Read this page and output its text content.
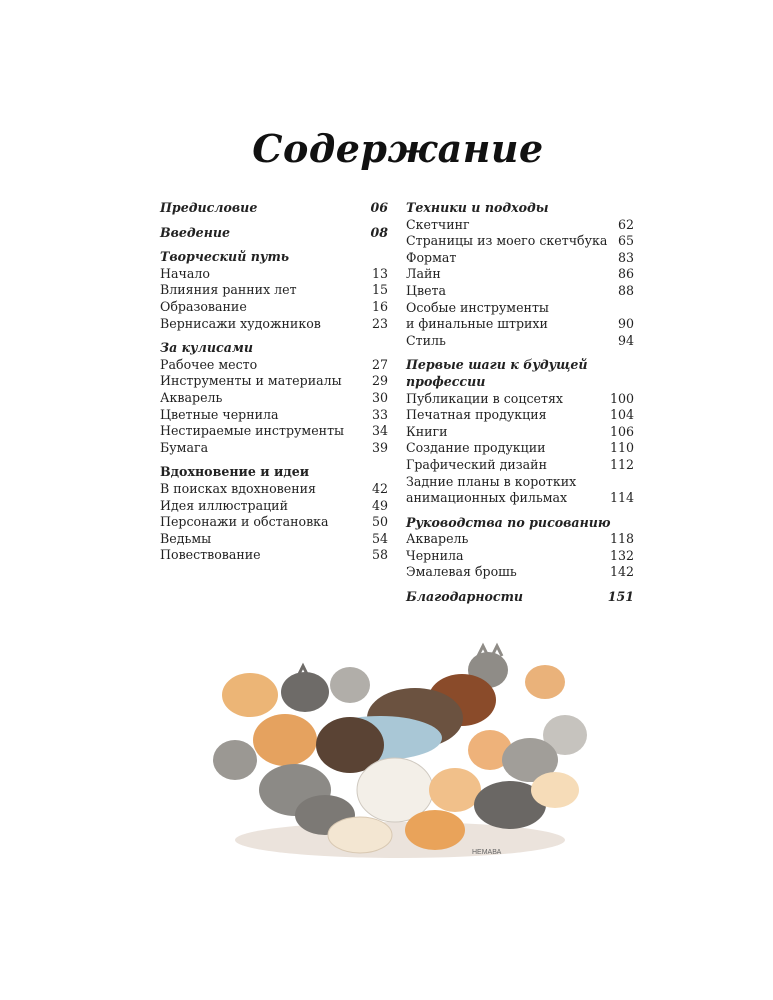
Содержание
Предисловие	06
Введение	08
Творческий путь
Начало	13
Влияния ранних лет	15
Образование	16
Вернисажи художников	23
За кулисами
Рабочее место	27
Инструменты и материалы	29
Акварель	30
Цветные чернила	33
Нестираемые инструменты	34
Бумага	39
Вдохновение и идеи
В поисках вдохновения	42
Идея иллюстраций	49
Персонажи и обстановка	50
Ведьмы	54
Повествование	58
Техники и подходы
Скетчинг	62
Страницы из моего скетчбука 65
Формат	83
Лайн	86
Цвета	88
Особые инструменты
и финальные штрихи	90
Стиль	94
Первые шаги к будущей профессии
Публикации в соцсетях	100
Печатная продукция	104
Книги	106
Создание продукции	110
Графический дизайн	112
Задние планы в коротких
анимационных фильмах	114
Руководства по рисованию
Акварель	118
Чернила	132
Эмалевая брошь	142
Благодарности	151
НЕМАВА
